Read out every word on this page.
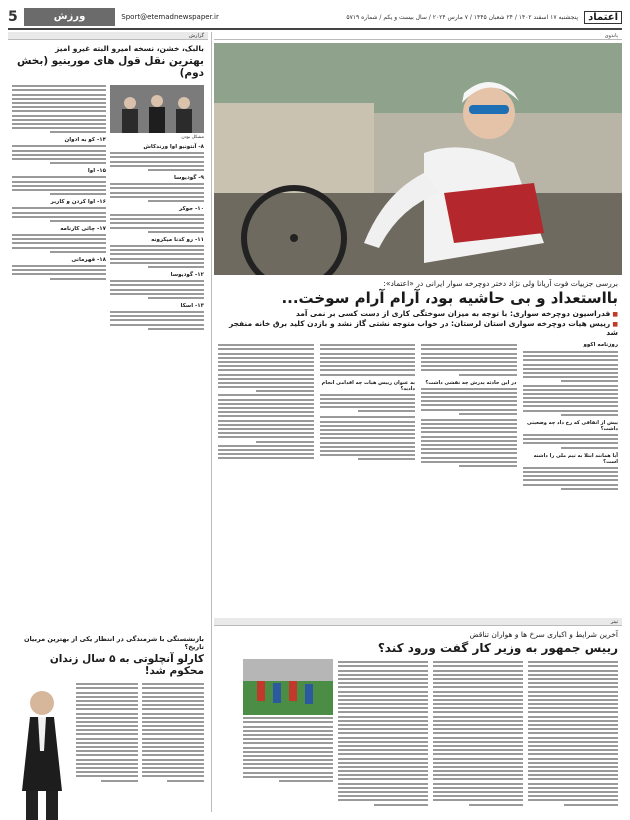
اعتماد
پنجشنبه ۱۷ اسفند ۱۴۰۲ / ۲۴ شعبان ۱۴۴۵ / ۷ مارس ۲۰۲۴ / سال بیست و یکم / شماره ۵۷۱۹
Sport@etemadnewspaper.ir
ورزش
5
پاندوی
بررسی جزییات فوت آریانا ولی نژاد دختر دوچرخه سوار ایرانی در «اعتماد»:
بااستعداد و بی حاشیه بود، آرام آرام سوخت...
■ فدراسیون دوچرخه سواری: با توجه به میزان سوختگی کاری از دست کسی بر نمی آمد
■ رییس هیات دوچرخه سواری استان لرستان: در خواب متوجه نشتی گاز نشد و بازدن کلید برق خانه منفجر شد
روزنامه اکوو
پیش از اتفاقی که رخ داد چه وضعیتی داشت؟
آیا همانند ابتلا به تیم ملی را داشته است؟
در این حادثه پدرش چه نقشی داشت؟
به عنوان رییس هیات چه اقدامی انجام دادید؟
تیتر
آخرین شرایط و اکباری سرخ ها و هواران تناقض
رییس جمهور به وزیر کار گفت ورود کند؟
گزارش
بالبک، خشن، نسخه امیرو البته غیرو امیز
بهترین نقل قول های مورینیو (بخش دوم)
مشکل بودن
۸- آنتونیو اوا ورندکاش
۹- گودیوسا
۱۰- جوکر
۱۱- رو کدنا میکرونه
۱۲- گودیوسا
۱۳- اسکا
۱۴- کو به ادوان
۱۵- اوا
۱۶- اوا کردن و کاربر
۱۷- چائی کارنامه
۱۸- قهرمانی
بازنشستگی با شرمندگی در انتظار یکی از بهترین مربیان تاریخ؟
کارلو آنچلوتی به ۵ سال زندان محکوم شد!
